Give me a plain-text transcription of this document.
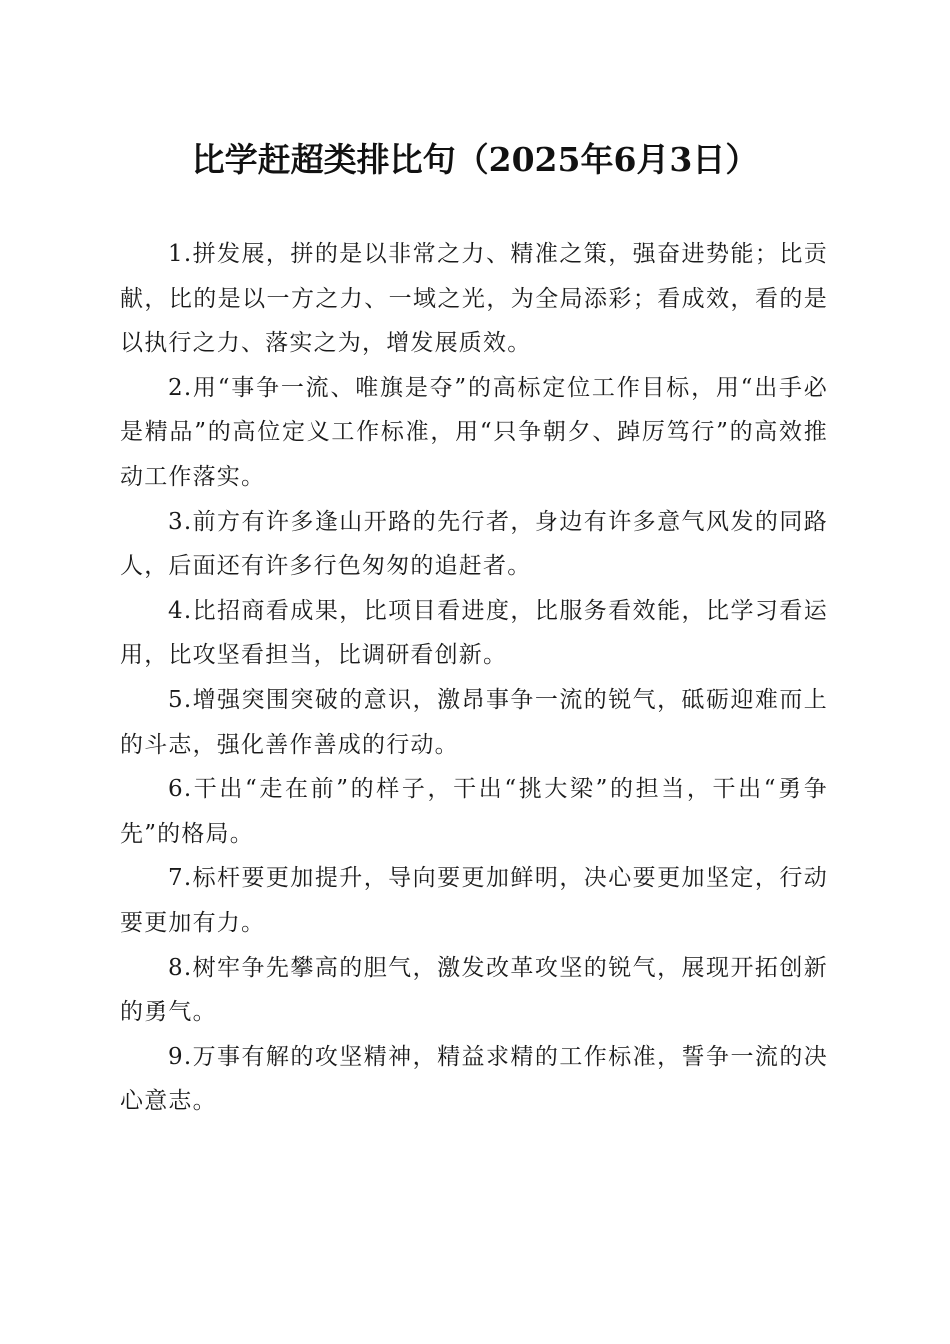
比学赶超类排比句（2025年6月3日）

1.拼发展，拼的是以非常之力、精准之策，强奋进势能；比贡献，比的是以一方之力、一域之光，为全局添彩；看成效，看的是以执行之力、落实之为，增发展质效。

2.用“事争一流、唯旗是夺”的高标定位工作目标，用“出手必是精品”的高位定义工作标准，用“只争朝夕、踔厉笃行”的高效推动工作落实。

3.前方有许多逢山开路的先行者，身边有许多意气风发的同路人，后面还有许多行色匆匆的追赶者。

4.比招商看成果，比项目看进度，比服务看效能，比学习看运用，比攻坚看担当，比调研看创新。

5.增强突围突破的意识，激昂事争一流的锐气，砥砺迎难而上的斗志，强化善作善成的行动。

6.干出“走在前”的样子，干出“挑大梁”的担当，干出“勇争先”的格局。

7.标杆要更加提升，导向要更加鲜明，决心要更加坚定，行动要更加有力。

8.树牢争先攀高的胆气，激发改革攻坚的锐气，展现开拓创新的勇气。

9.万事有解的攻坚精神，精益求精的工作标准，誓争一流的决心意志。
